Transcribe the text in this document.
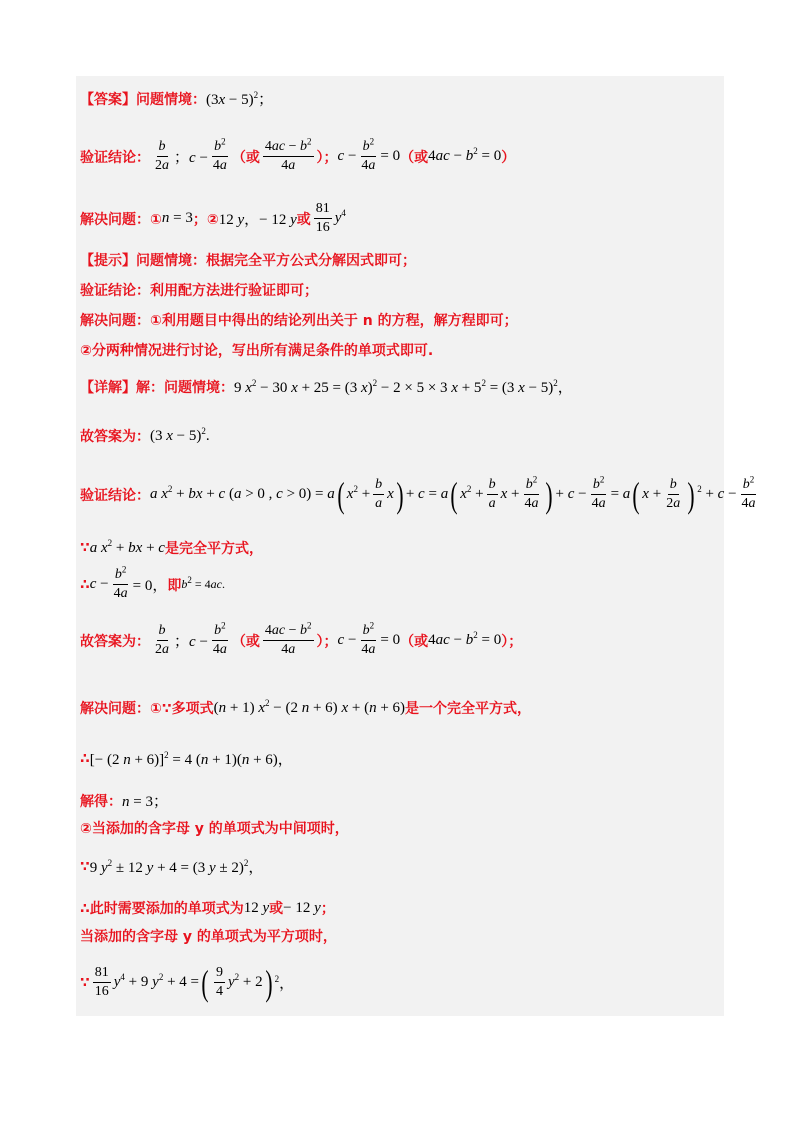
【答案】问题情境： $(3x - 5)^2$；
验证结论： $\frac{b}{2a}$ ；$c - \frac{b^2}{4a}$ （或 $\frac{4ac - b^2}{4a}$ ）； $c - \frac{b^2}{4a} = 0$ （或 $4ac - b^2 = 0$ ）
解决问题：① n = 3 ；② 12 y，− 12 y 或 $\frac{81}{16} y^4$
【提示】问题情境：根据完全平方公式分解因式即可；
验证结论：利用配方法进行验证即可；
解决问题：①利用题目中得出的结论列出关于 n 的方程，解方程即可；
②分两种情况进行讨论，写出所有满足条件的单项式即可.
【详解】解：问题情境： 9 $x^2 - 30$ x + 25 = (3 x)$^2$ − 2 × 5 × 3 $x + 5^2 = (3$ x − 5)$^2$，
故答案为： (3 x − 5)$^2$.
验证结论： a $x^2$ + bx + c (a > 0 , c > 0) = a ( $x^2 + \frac{b}{a}$ x ) + c = a ( $x^2 + \frac{b}{a}$ $x + \frac{b^2}{4a}$ ) + $c - \frac{b^2}{4a} = a$ ( $x + \frac{b}{2a}$ ) $^2 + c - \frac{b^2}{4a}$
∵ a $x^2$ + bx + c 是完全平方式，
∴ $c - \frac{b^2}{4a} = 0$， 即 $b^2 = 4ac$.
故答案为： $\frac{b}{2a}$ ；$c - \frac{b^2}{4a}$ （或 $\frac{4ac - b^2}{4a}$ ）； $c - \frac{b^2}{4a} = 0$ （或 $4ac - b^2 = 0$ ）；
解决问题：①∵多项式 (n + 1) $x^2 - (2$ n + 6) x + (n + 6) 是一个完全平方式，
∴ [− (2 n + 6)]$^2$ = 4 (n + 1)(n + 6)，
解得： n = 3；
②当添加的含字母 y 的单项式为中间项时，
∵ 9 $y^2 \pm 12$ y + 4 = (3 y ± 2)$^2$，
∴此时需要添加的单项式为 12 y 或 − 12 y ；
当添加的含字母 y 的单项式为平方项时，
∵ $\frac{81}{16} y^4 + 9$ $y^2 + 4$ = ( $\frac{9}{4} y^2 + 2$ ) $^2$，
